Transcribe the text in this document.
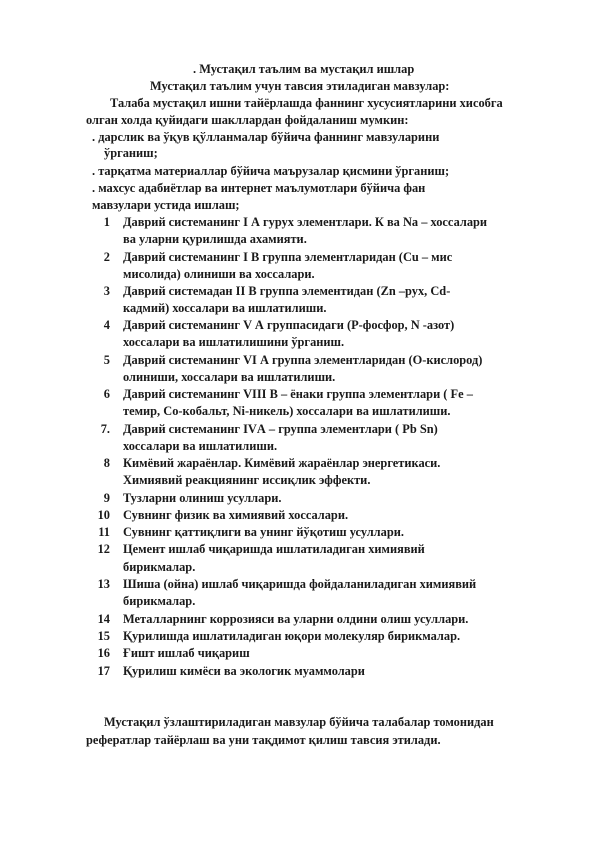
. Мустақил таълим ва мустақил ишлар
Мустақил таълим учун тавсия этиладиган мавзулар:
Талаба мустақил ишни тайёрлашда фаннинг хусусиятларини хисобга
олган холда қуйидаги шакллардан фойдаланиш мумкин:
. дарслик ва ўқув қўлланмалар бўйича фаннинг мавзуларини
ўрганиш;
. тарқатма материаллар бўйича маърузалар қисмини ўрганиш;
. махсус адабиётлар ва интернет маълумотлари бўйича фан
мавзулари устида ишлаш;
1 Даврий системанинг I А гурух элементлари. К ва Na – хоссалари
ва уларни қурилишда ахамияти.
2 Даврий системанинг I В группа элементларидан (Cu – мис
мисолида) олиниши ва хоссалари.
3 Даврий системадан II В группа элементидан (Zn –рух, Cd-
кадмий) хоссалари ва ишлатилиши.
4 Даврий системанинг V А группасидаги (Р-фосфор, N -азот)
хоссалари ва ишлатилишини ўрганиш.
5 Даврий системанинг VI А группа элементларидан (О-кислород)
олиниши, хоссалари ва ишлатилиши.
6 Даврий системанинг VIII В – ёнаки группа элементлари ( Fe –
темир, Со-кобальт, Ni-никель) хоссалари ва ишлатилиши.
7. Даврий системанинг IVА – группа элементлари ( Pb Sn)
хоссалари ва ишлатилиши.
8 Кимёвий жараёнлар. Кимёвий жараёнлар энергетикаси.
Химиявий реакциянинг иссиқлик эффекти.
9 Тузларни олиниш усуллари.
10 Сувнинг физик ва химиявий хоссалари.
11 Сувнинг қаттиқлиги ва унинг йўқотиш усуллари.
12 Цемент ишлаб чиқаришда ишлатиладиган химиявий
бирикмалар.
13 Шиша (ойна) ишлаб чиқаришда фойдаланиладиган химиявий
бирикмалар.
14 Металларнинг коррозияси ва уларни олдини олиш усуллари.
15 Қурилишда ишлатиладиган юқори молекуляр бирикмалар.
16 Ғишт ишлаб чиқариш
17 Қурилиш кимёси ва экологик муаммолари
Мустақил ўзлаштириладиган мавзулар бўйича талабалар томонидан
рефератлар тайёрлаш ва уни тақдимот қилиш тавсия этилади.
